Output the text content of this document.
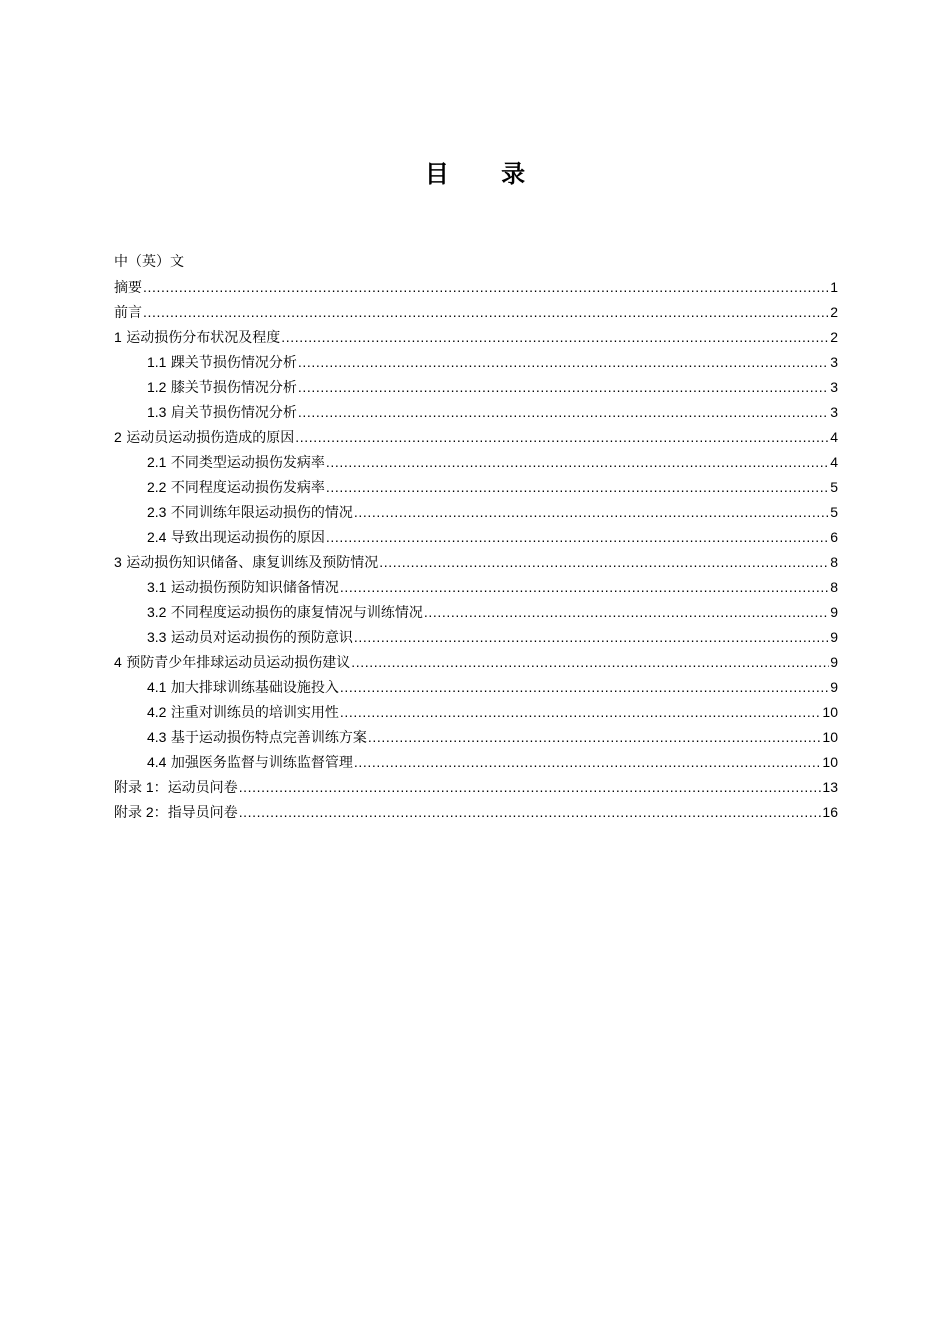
目 录
中（英）文
摘要 .....	1
前言 .....	2
1 运动损伤分布状况及程度 .....	2
1.1 踝关节损伤情况分析 .....	3
1.2 膝关节损伤情况分析 .....	3
1.3 肩关节损伤情况分析 .....	3
2 运动员运动损伤造成的原因 .....	4
2.1 不同类型运动损伤发病率 .....	4
2.2 不同程度运动损伤发病率 .....	5
2.3 不同训练年限运动损伤的情况 .....	5
2.4 导致出现运动损伤的原因 .....	6
3 运动损伤知识储备、康复训练及预防情况 .....	8
3.1 运动损伤预防知识储备情况 .....	8
3.2 不同程度运动损伤的康复情况与训练情况 .....	9
3.3 运动员对运动损伤的预防意识 .....	9
4 预防青少年排球运动员运动损伤建议 .....	9
4.1 加大排球训练基础设施投入 .....	9
4.2 注重对训练员的培训实用性 .....	10
4.3 基于运动损伤特点完善训练方案 .....	10
4.4 加强医务监督与训练监督管理 .....	10
附录 1：运动员问卷 .....	13
附录 2：指导员问卷 .....	16
